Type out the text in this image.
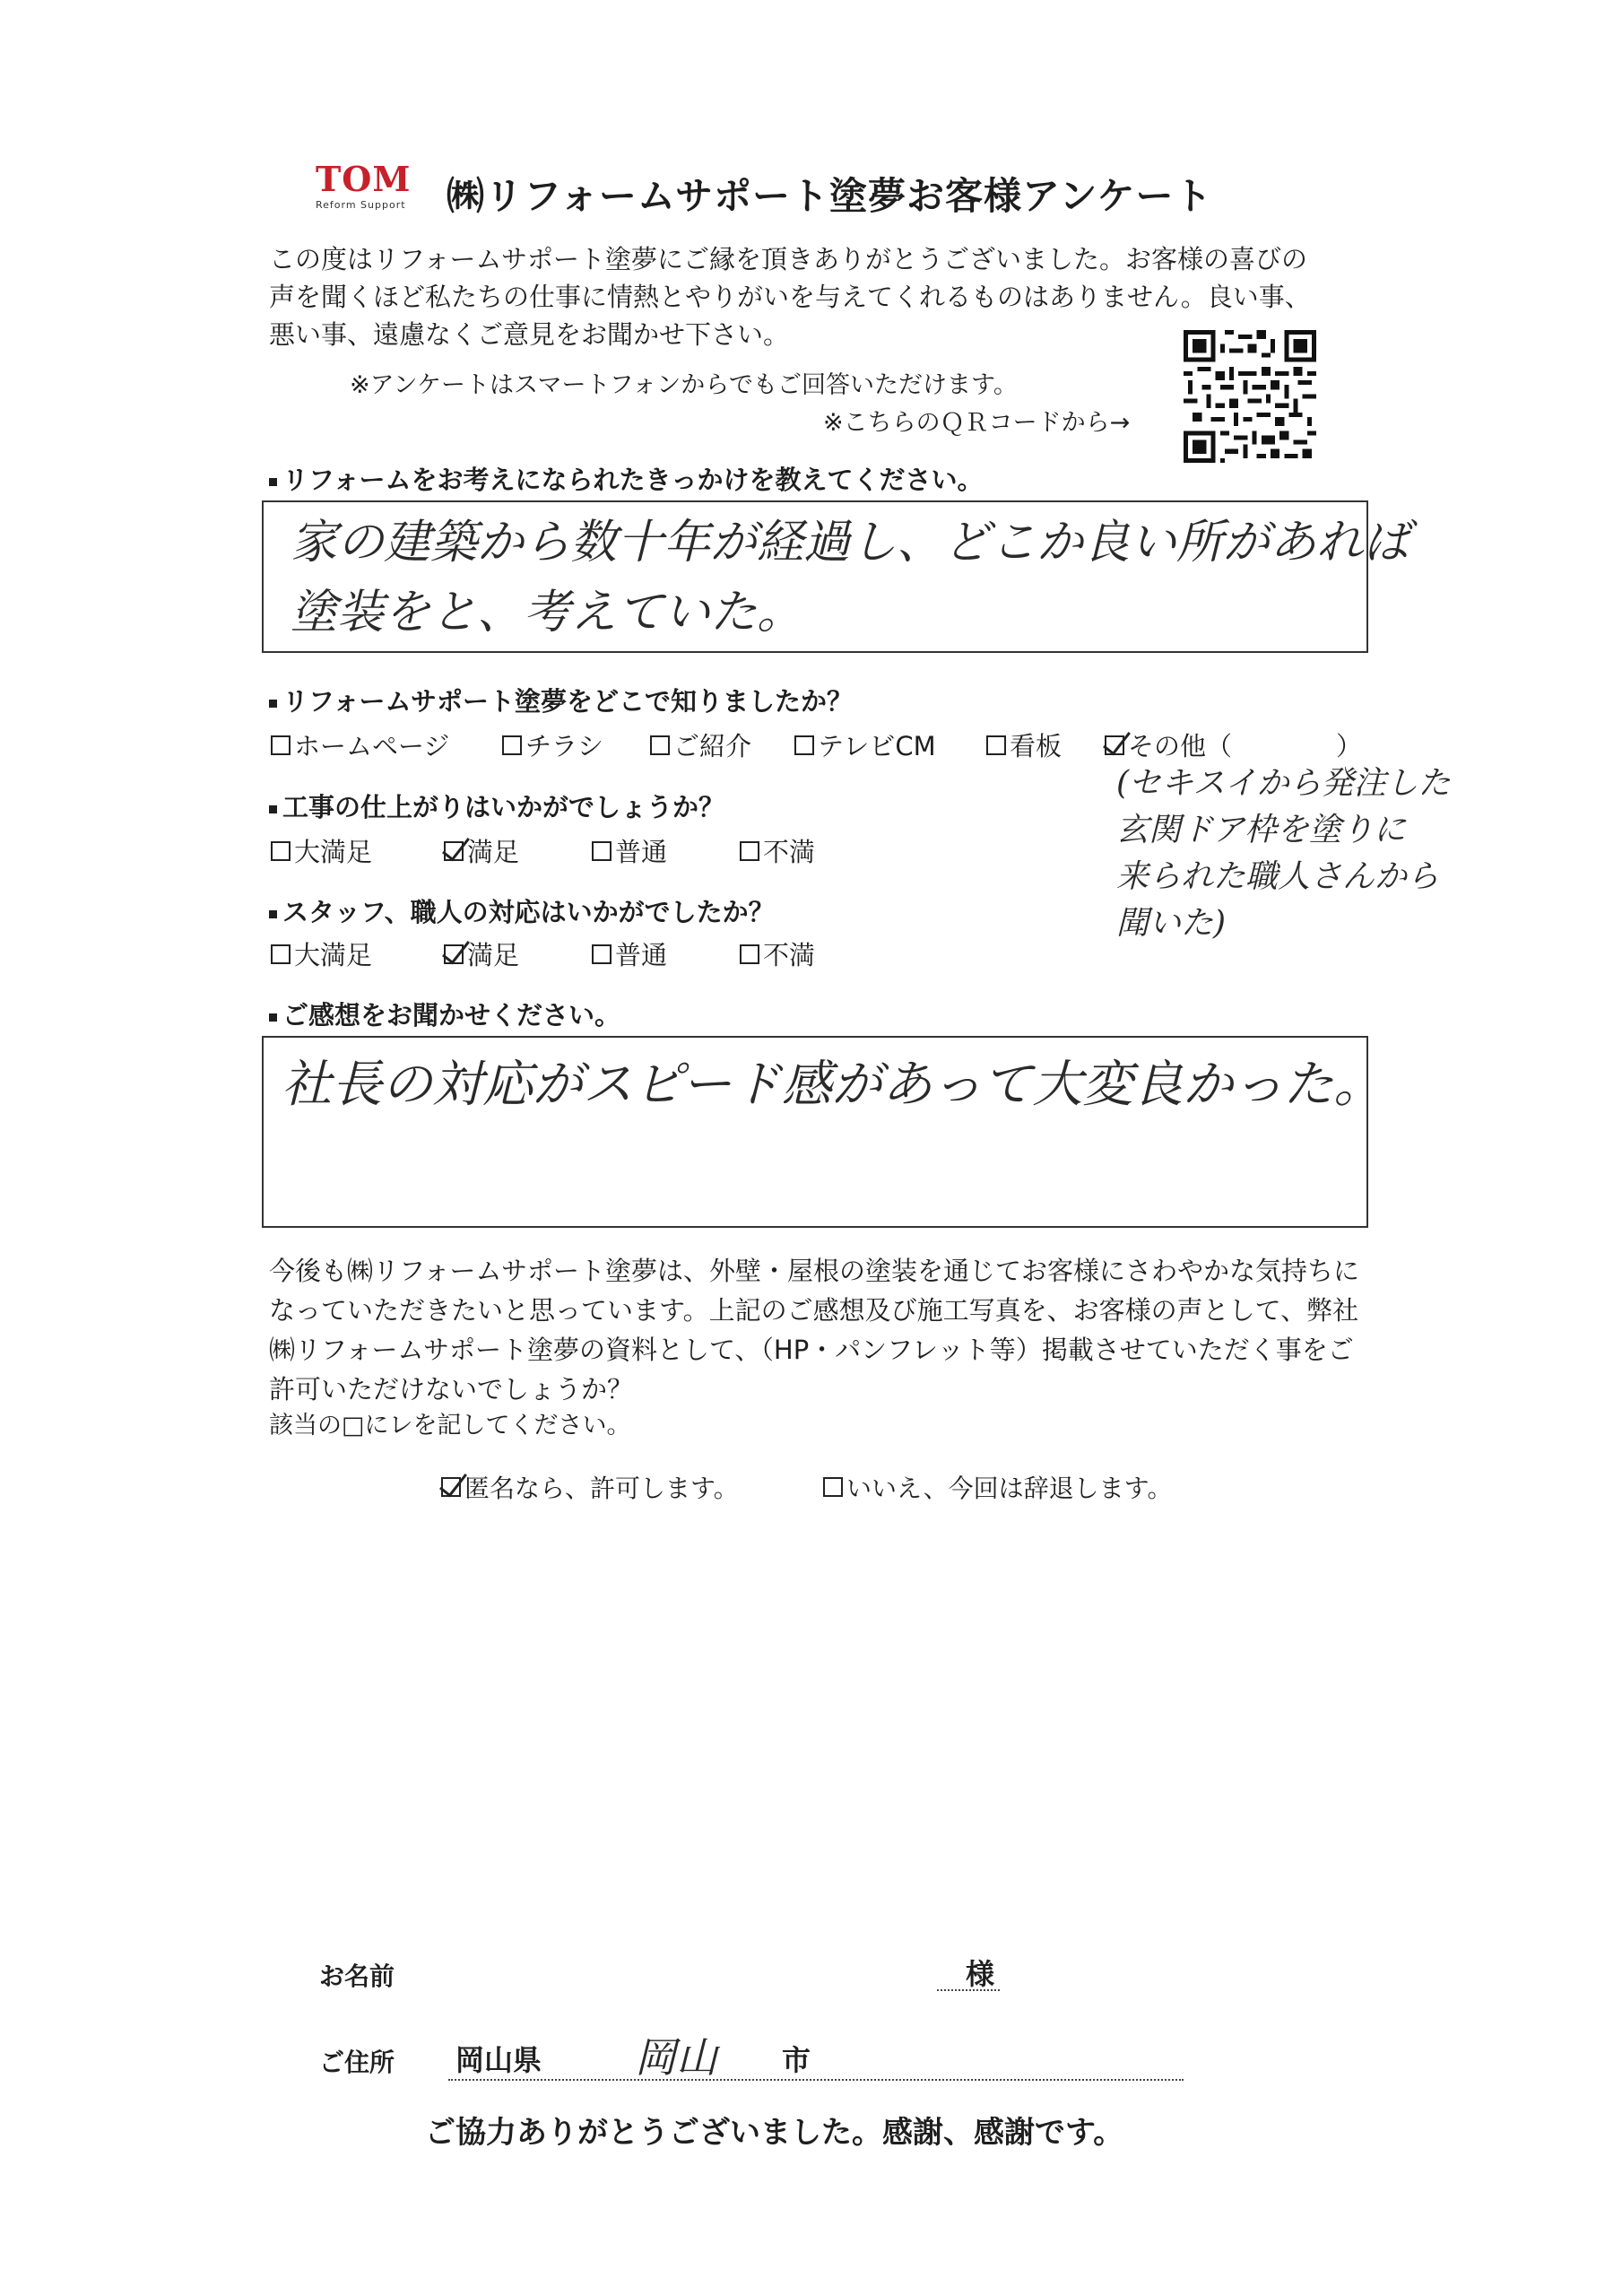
TOM
Reform Support ㈱リフォームサポート塗夢お客様アンケート
この度はリフォームサポート塗夢にご縁を頂きありがとうございました。お客様の喜びの声を聞くほど私たちの仕事に情熱とやりがいを与えてくれるものはありません。良い事、悪い事、遠慮なくご意見をお聞かせ下さい。
※アンケートはスマートフォンからでもご回答いただけます。
※こちらのＱＲコードから→
リフォームをお考えになられたきっかけを教えてください。
家の建築から数十年が経過し、どこか良い所があれば
塗装をと、考えていた。
リフォームサポート塗夢をどこで知りましたか？
ホームページ	チラシ	ご紹介	テレビCM	看板	その他（　　　　）
(セキスイから発注した
玄関ドア枠を塗りに
来られた職人さんから
聞いた)
工事の仕上がりはいかがでしょうか？
大満足	満足	普通	不満
スタッフ、職人の対応はいかがでしたか？
大満足	満足	普通	不満
ご感想をお聞かせください。
社長の対応がスピード感があって大変良かった。
今後も㈱リフォームサポート塗夢は、外壁・屋根の塗装を通じてお客様にさわやかな気持ちになっていただきたいと思っています。上記のご感想及び施工写真を、お客様の声として、弊社㈱リフォームサポート塗夢の資料として、（HP・パンフレット等）掲載させていただく事をご許可いただけないでしょうか？
該当の□にレを記してください。
匿名なら、許可します。	いいえ、今回は辞退します。
お名前	様
ご住所 岡山県 岡山 市
ご協力ありがとうございました。感謝、感謝です。
